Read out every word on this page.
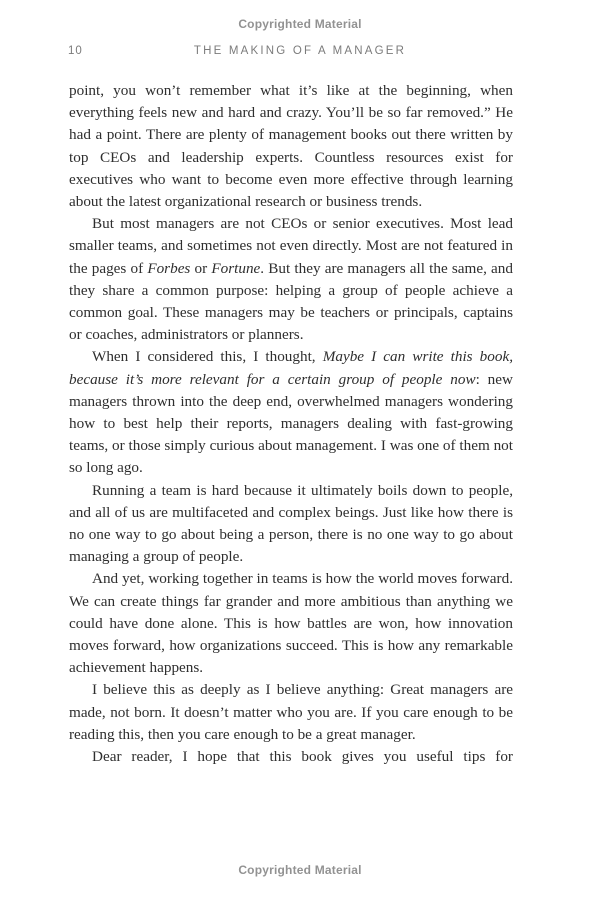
Copyrighted Material
10	THE MAKING OF A MANAGER

point, you won’t remember what it’s like at the beginning, when everything feels new and hard and crazy. You’ll be so far removed.” He had a point. There are plenty of management books out there written by top CEOs and leadership experts. Countless resources exist for executives who want to become even more effective through learning about the latest organizational research or business trends.

But most managers are not CEOs or senior executives. Most lead smaller teams, and sometimes not even directly. Most are not featured in the pages of Forbes or Fortune. But they are managers all the same, and they share a common purpose: helping a group of people achieve a common goal. These managers may be teachers or principals, captains or coaches, administrators or planners.

When I considered this, I thought, Maybe I can write this book, because it’s more relevant for a certain group of people now: new managers thrown into the deep end, overwhelmed managers wondering how to best help their reports, managers dealing with fast-growing teams, or those simply curious about management. I was one of them not so long ago.

Running a team is hard because it ultimately boils down to people, and all of us are multifaceted and complex beings. Just like how there is no one way to go about being a person, there is no one way to go about managing a group of people.

And yet, working together in teams is how the world moves forward. We can create things far grander and more ambitious than anything we could have done alone. This is how battles are won, how innovation moves forward, how organizations succeed. This is how any remarkable achievement happens.

I believe this as deeply as I believe anything: Great managers are made, not born. It doesn’t matter who you are. If you care enough to be reading this, then you care enough to be a great manager.

Dear reader, I hope that this book gives you useful tips for

Copyrighted Material
